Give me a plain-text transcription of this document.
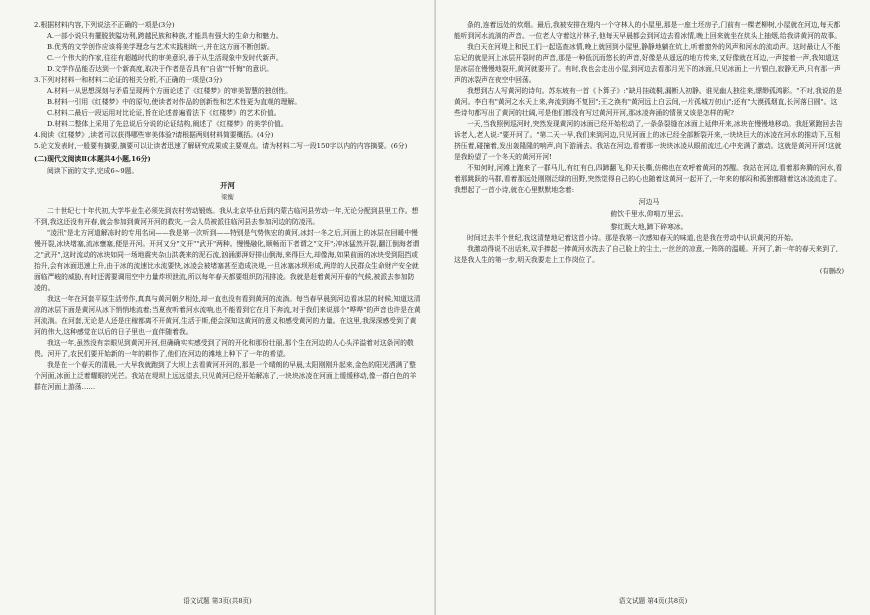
2.根据材料内容,下列说法不正确的一项是(3分)

A.一部小说只有擺脱狭隘功利,跨越民族和种族,才能具有强大的生命力和魅力。

B.优秀的文学创作应该将美学理念与艺术实践相统一,并在这方面不断创新。

C.一个伟大的作家,往往有超越时代的审美意识,善于从生活现象中发时代新声。

D.文学作品能否达到一个新高度,取决于作者是否具有"自省""忏悔"的意识。

3.下列对材料一和材料二论证的相关分析,不正确的一项是(3分)

A.材料一从思想深刻与矛盾呈现两个方面论述了《红楼梦》的审美智慧的独创性。

B.材料一引用《红楼梦》中的原句,使读者对作品的创新性和艺术性更为直观的理解。

C.材料二最后一段运用对比论证,旨在论述普遍看法下《红楼梦》的艺术价值。

D.材料二整体上采用了先总说后分说的论证结构,阐述了《红楼梦》的美学价值。

4.阅读《红楼梦》,读者可以获得哪些审美体验?请根据两则材料简要概括。(4分)

5.论文发表时,一般要有摘要,摘要可以让读者迅速了解研究成果或主要观点。请为材料二写一段150字以内的内容摘要。(6分)

(二)现代文阅读Ⅱ(本题共4小题,16分)

阅读下面的文字,完成6~9题。

开河

梁衡

二十世纪七十年代初,大学毕业生必须先到农村劳动锻炼。我从北京毕业后到内蒙古临河县劳动一年,无论分配到县里工作。想不到,我这还没有开春,就会参加到黄河开河的救灾,一会人员被派往临河县去参加河边的防凌汛。

"凌汛"是北方河道解冻时的专用名词——我是第一次听到——特别是气势恢宏的黄河,冰封一冬之后,河面上的冰层在回暖中慢慢开裂,冰块堵塞,流冰壅塞,便是开河。开河又分"文开""武开"两种。慢慢融化,顺畅而下者谓之"文开";冲冰猛然开裂,翻江倒海者谓之"武开",这时流动的冰块如同一场地震夹杂山洪袭来的泥石流,汹涌澎湃好排山倒海,来得巨大,却像海,如果前面的冰块受到阻挡或抬升,会有冰面迅速上升,由于冰的流速比水流要快,冰凌会被堵塞甚至造成决堤,一旦冰塞冰坝形成,两岸的人民群众生命财产安全就面临严峻的威胁,有时还需要调用空中力量炸坝泄流,所以每年春天都要组织防汛排凌。我就是赶着黄河开春的气候,被派去参加防凌的。

我这一年在河套平原生活劳作,真真与黄河朝夕相处,却一直也没有看到黄河的流淌。每当春早晨到河边看冰层的时候,知道这清凉的冰层下面是黄河从冰下悄悄地流着;当夏夜听着河水流响,也不能看到它在月下奔流,对于我们来说那个"哗哗"的声音也许是在黄河流淌。在河套,无论是人还是庄稼都离不开黄河,生活于斯,便会深知这黄河的意义和感受黄河的力量。在这里,我深深感受到了黄河的伟大,这种感觉在以后的日子里也一直伴随着我。

我这一年,虽然没有亲眼见到黄河开河,但确确实实感受到了河的开化和那份壮丽,那个生在河边的人心头洋溢着对这条河的敬畏。河开了,农民们要开始新的一年的耕作了,他们在河边的滩地上种下了一年的希望。

我是在一个春天的清晨,一大早我就跑到了大坝上去看黄河开河的,那是一个晴朗的早晨,太阳刚刚升起来,金色的阳光洒满了整个河面,冰面上泛着耀眼的光芒。我站在堤坝上远远望去,只见黄河已经开始解冻了,一块块冰凌在河面上缓缓移动,像一群白色的羊群在河面上游荡……

语文试题 第3页(共8页)

条的,连着远处的炊烟。最后,我被安排在堤内一个守林人的小屋里,那是一座土坯房子,门前有一棵老柳树,小屋就在河边,每天都能听到河水流淌的声音。一位老人守着这片林子,他每天早晨都会到河边去看冰情,晚上回来就坐在炕头上抽烟,给我讲黄河的故事。

我白天在河堤上和民工们一起巡查冰情,晚上就回到小屋里,静静地躺在炕上,听着窗外的风声和河水的流动声。这时最让人不能忘记的就是河上冰层开裂时的声音,那是一种低沉而悠长的声音,好像是从遥远的地方传来,又好像就在耳边,一声接着一声,我知道这是冰层在慢慢地裂开,黄河就要开了。有时,我也会走出小屋,到河边去看那月光下的冰面,只见冰面上一片银白,寂静无声,只有那一声声的冰裂声在夜空中回荡。

我想到古人写黄河的诗句。苏东坡有一首《卜算子》:"缺月挂疏桐,漏断人初静。谁见幽人独往来,缥缈孤鸿影。"不对,我说的是黄河。李白有"黄河之水天上来,奔流到海不复回";王之涣有"黄河远上白云间,一片孤城万仞山";还有"大漠孤烟直,长河落日圆"。这些诗句都写出了黄河的壮阔,可是他们都没有写过黄河开河,那冰凌奔涌的情景又该是怎样的呢?

一天,当我照例巡河时,突然发现黄河的冰面已经开始松动了,一条条裂缝在冰面上延伸开来,冰块在慢慢地移动。我赶紧跑回去告诉老人,老人说:"要开河了。"第二天一早,我们来到河边,只见河面上的冰已经全部断裂开来,一块块巨大的冰凌在河水的推动下,互相挤压着,碰撞着,发出轰隆隆的响声,向下游涌去。我站在河边,看着那一块块冰凌从眼前流过,心中充满了激动。这就是黄河开河!这就是我盼望了一个冬天的黄河开河!

不知何时,河滩上跑来了一群马儿,有红有白,四蹄翻飞,仰天长嘶,仿佛也在欢呼着黄河的苏醒。我站在河边,看着那奔腾的河水,看着那跳跃的马群,看着那远处刚刚泛绿的田野,突然觉得自己的心也随着这黄河一起开了,一年来的郁闷和孤独都随着这冰凌流走了。我想起了一首小诗,就在心里默默地念着:

河边马

俯饮千里水,仰啃万里云。

黎红既大地,蹄下碎寒冰。

时间过去半个世纪,我这清楚地记着这首小诗。那是我第一次感知春天的味道,也是我在劳动中认识黄河的开始。

我激动得说不出话来,双手捧起一捧黄河水洗去了自己脸上的尘土,一丝丝的凉意,一阵阵的温暖。开河了,新一年的春天来到了,这是我人生的第一步,明天我要走上工作岗位了。

(有删改)

语文试题 第4页(共8页)
